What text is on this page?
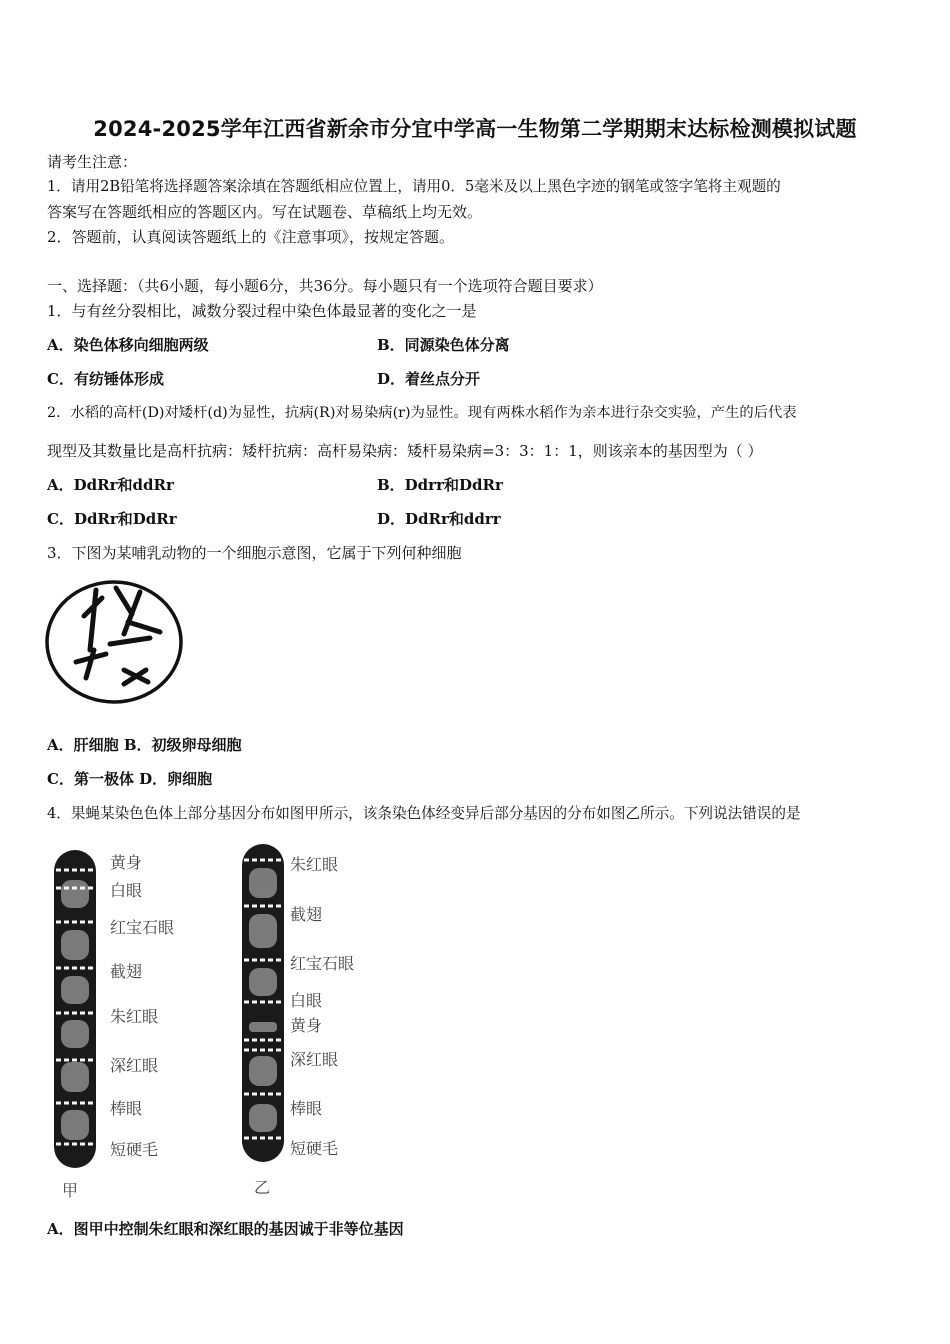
2024-2025学年江西省新余市分宜中学高一生物第二学期期末达标检测模拟试题
请考生注意：
1．请用2B铅笔将选择题答案涂填在答题纸相应位置上，请用0．5毫米及以上黑色字迹的钢笔或签字笔将主观题的
答案写在答题纸相应的答题区内。写在试题卷、草稿纸上均无效。
2．答题前，认真阅读答题纸上的《注意事项》，按规定答题。
一、选择题：（共6小题，每小题6分，共36分。每小题只有一个选项符合题目要求）
1．与有丝分裂相比，减数分裂过程中染色体最显著的变化之一是
A．染色体移向细胞两级	B．同源染色体分离
C．有纺锤体形成	D．着丝点分开
2．水稻的高杆(D)对矮杆(d)为显性，抗病(R)对易染病(r)为显性。现有两株水稻作为亲本进行杂交实验，产生的后代表
现型及其数量比是高杆抗病：矮杆抗病：高杆易染病：矮杆易染病=3：3：1：1，则该亲本的基因型为（ ）
A．DdRr和ddRr	B．Ddrr和DdRr
C．DdRr和DdRr	D．DdRr和ddrr
3．下图为某哺乳动物的一个细胞示意图，它属于下列何种细胞
A．肝细胞 B．初级卵母细胞
C．第一极体 D．卵细胞
4．果蝇某染色色体上部分基因分布如图甲所示，该条染色体经变异后部分基因的分布如图乙所示。下列说法错误的是
黄身
白眼
红宝石眼
截翅
朱红眼
深红眼
棒眼
短硬毛
甲
朱红眼
截翅
红宝石眼
白眼
黄身
深红眼
棒眼
短硬毛
乙
A．图甲中控制朱红眼和深红眼的基因诚于非等位基因
